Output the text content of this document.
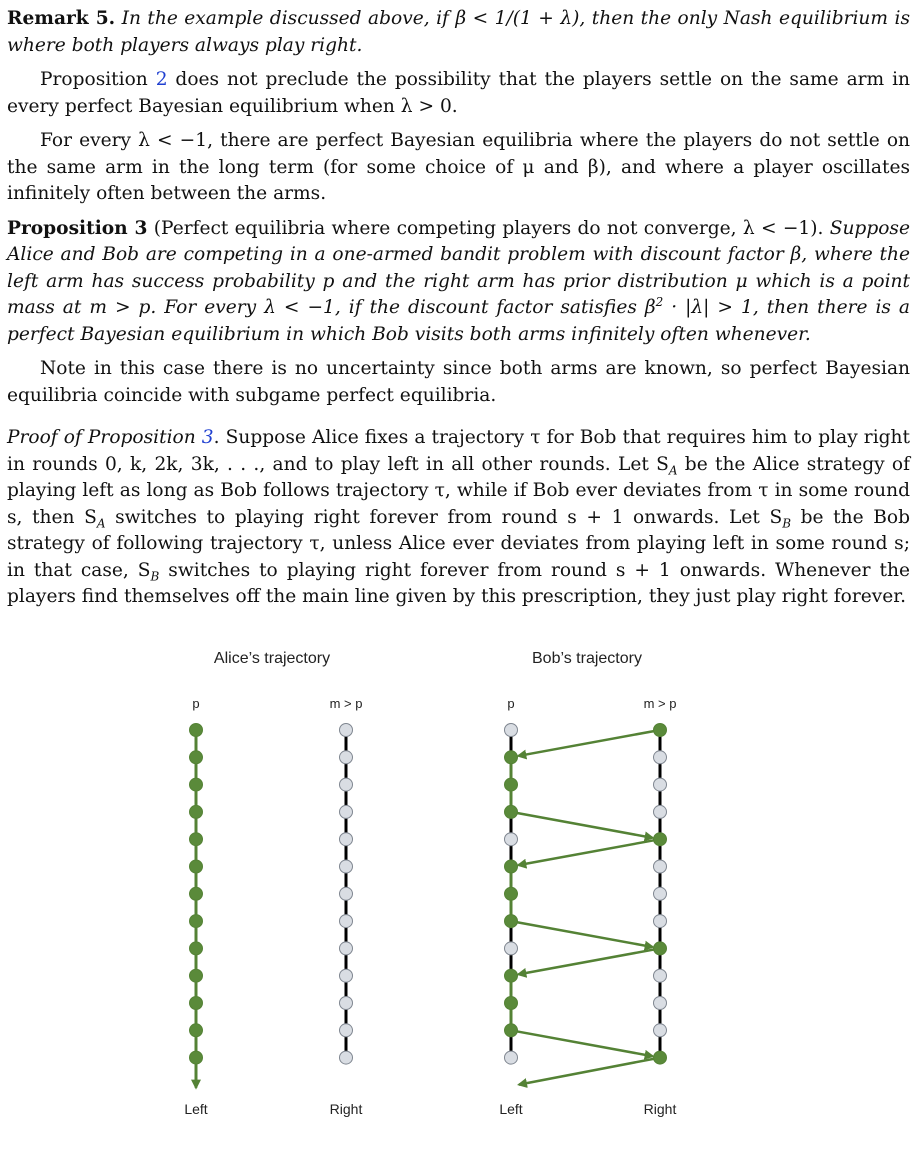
Remark 5. In the example discussed above, if β < 1/(1 + λ), then the only Nash equilibrium is where both players always play right.

Proposition 2 does not preclude the possibility that the players settle on the same arm in every perfect Bayesian equilibrium when λ > 0.

For every λ < −1, there are perfect Bayesian equilibria where the players do not settle on the same arm in the long term (for some choice of μ and β), and where a player oscillates infinitely often between the arms.

Proposition 3 (Perfect equilibria where competing players do not converge, λ < −1). Suppose Alice and Bob are competing in a one-armed bandit problem with discount factor β, where the left arm has success probability p and the right arm has prior distribution μ which is a point mass at m > p. For every λ < −1, if the discount factor satisfies $\beta^2 \cdot |\lambda| > 1$, then there is a perfect Bayesian equilibrium in which Bob visits both arms infinitely often whenever.

Note in this case there is no uncertainty since both arms are known, so perfect Bayesian equilibria coincide with subgame perfect equilibria.

Proof of Proposition 3. Suppose Alice fixes a trajectory τ for Bob that requires him to play right in rounds 0, k, 2k, 3k, . . ., and to play left in all other rounds. Let $S_A$ be the Alice strategy of playing left as long as Bob follows trajectory τ, while if Bob ever deviates from τ in some round s, then $S_A$ switches to playing right forever from round s + 1 onwards. Let $S_B$ be the Bob strategy of following trajectory τ, unless Alice ever deviates from playing left in some round s; in that case, $S_B$ switches to playing right forever from round s + 1 onwards. Whenever the players find themselves off the main line given by this prescription, they just play right forever.

Alice’s trajectory	Bob’s trajectory
p	m > p	p	m > p
Left	Right	Left	Right
